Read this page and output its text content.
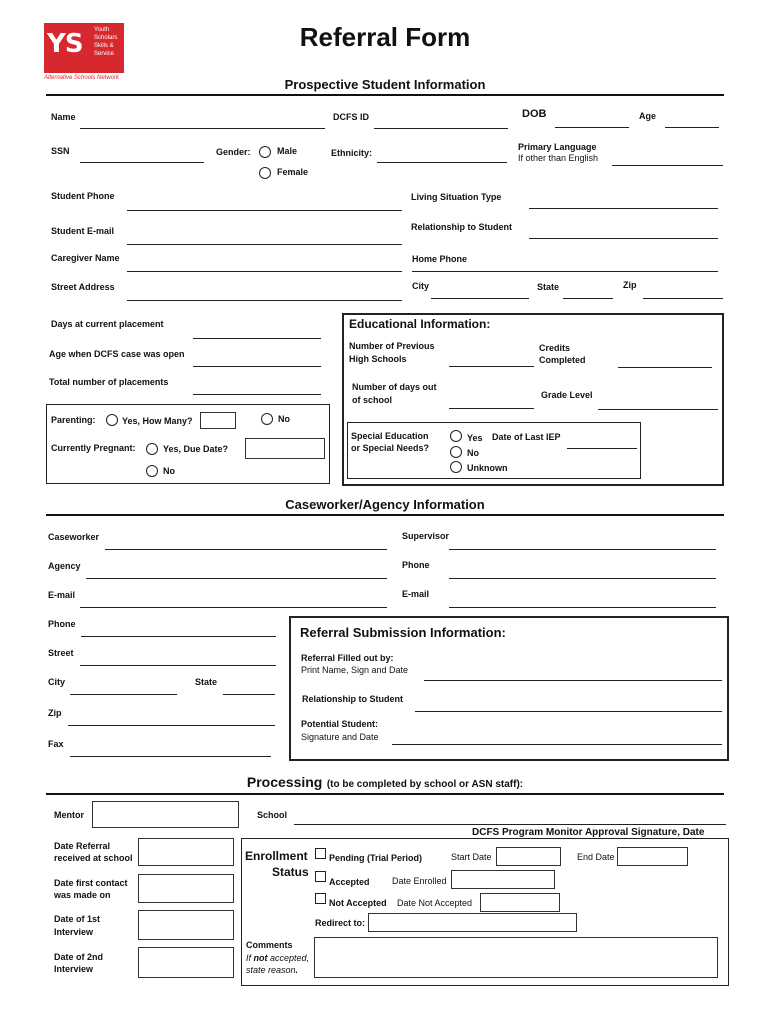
YS Youth
Scholars
Skills &
Service
Alternative Schools Network
Referral Form
Prospective Student Information
Name	DCFS ID	DOB	Age
SSN	Gender:	Male
Female
Ethnicity:
Primary Language
If other than English
Student Phone	Living Situation Type
Student E-mail	Relationship to Student
Caregiver Name	Home Phone
Street Address	City	State	Zip
Days at current placement
Age when DCFS case was open
Total number of placements
Parenting:	Yes, How Many?	No
Currently Pregnant:	Yes, Due Date?
No
Educational Information:
Number of Previous
High Schools
Credits
Completed
Number of days out
of school	Grade Level
Special Education
or Special Needs?
Yes Date of Last IEP
No
Unknown
Caseworker/Agency Information
Caseworker	Supervisor
Agency	Phone
E-mail	E-mail
Phone
Street
City	State
Zip
Fax
Referral Submission Information:
Referral Filled out by:
Print Name, Sign and Date
Relationship to Student
Potential Student:
Signature and Date
Processing (to be completed by school or ASN staff):
Mentor	School
DCFS Program Monitor Approval Signature, Date
Date Referral
received at school
Date first contact
was made on
Date of 1st
Interview
Date of 2nd
Interview
Enrollment
Status
Pending (Trial Period)	Start Date	End Date
Accepted Date Enrolled
Not Accepted Date Not Accepted
Redirect to:
Comments
If not accepted,
state reason.
